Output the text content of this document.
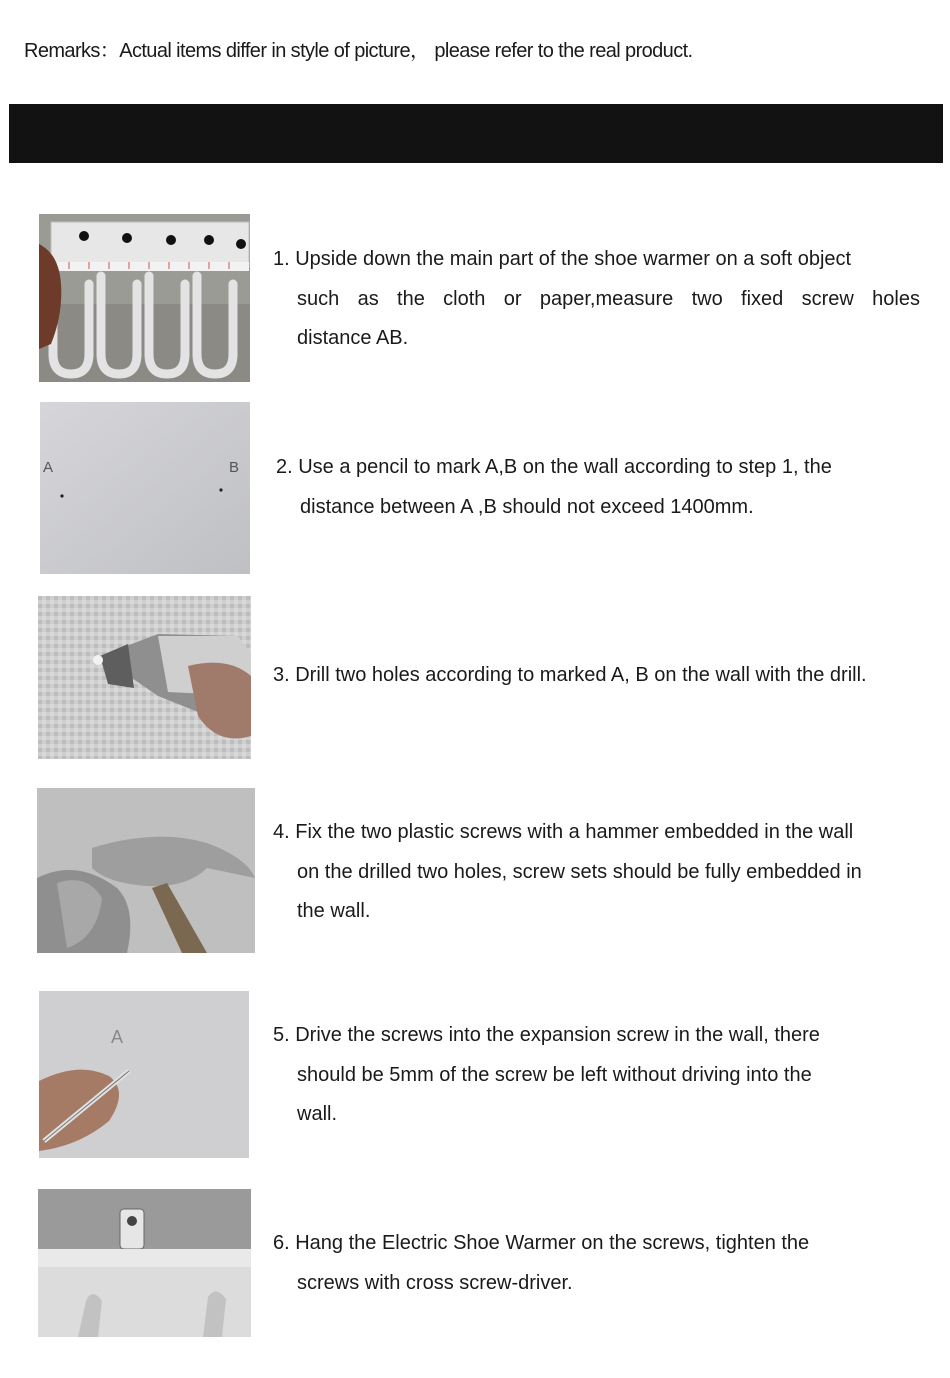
Remarks：Actual items differ in style of picture， please refer to the real product.
A	B
A
1. Upside down the main part of the shoe warmer on a soft object
such as the cloth or paper,measure two fixed screw holes
distance AB.
2. Use a pencil to mark A,B on the wall according to step 1, the
distance between A ,B should not exceed 1400mm.
3. Drill two holes according to marked A, B on the wall with the drill.
4. Fix the two plastic screws with a hammer embedded in the wall
on the drilled two holes, screw sets should be fully embedded in
the wall.
5. Drive the screws into the expansion screw in the wall, there
should be 5mm of the screw be left without driving into the
wall.
6. Hang the Electric Shoe Warmer on the screws, tighten the
screws with cross screw-driver.
